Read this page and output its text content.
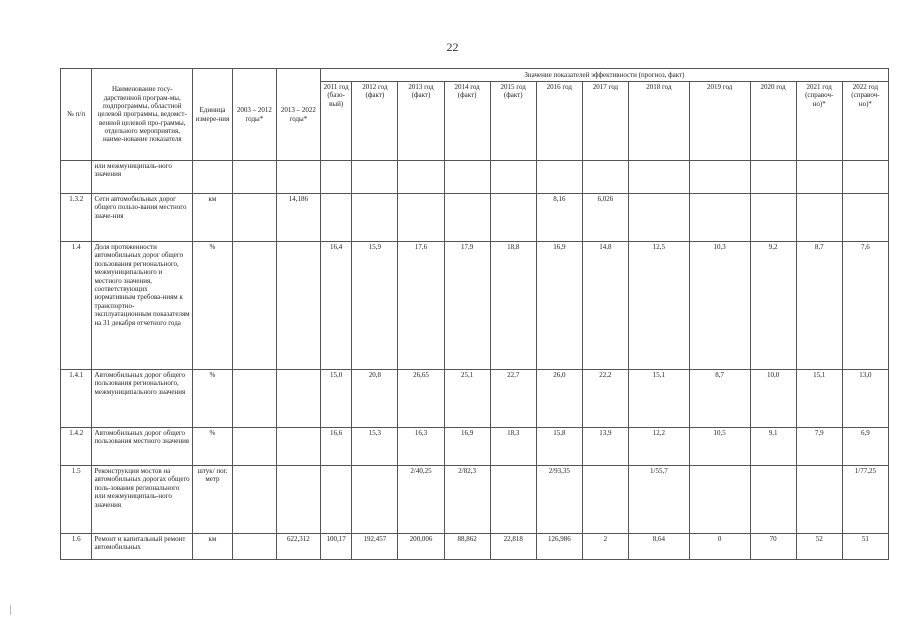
22
№ п/п	Наименование госу-дарственной програм-мы, подпрограммы, областной целевой программы, ведомст-венной целевой про-граммы, отдельного мероприятия, наиме-нование показателя	Единица измере-ния	2003 – 2012 годы*	2013 – 2022 годы*	Значение показателей эффективности (прогноз, факт)											
					2011 год (базо-вый)	2012 год (факт)	2013 год (факт)	2014 год (факт)	2015 год (факт)	2016 год	2017 год	2018 год	2019 год	2020 год	2021 год (справоч-но)*	2022 год (справоч-но)*
	или межмуниципаль-ного значения															
1.3.2	Сети автомобильных дорог общего пользо-вания местного значе-ния	км		14,186						8,16	6,026					
1.4	Доля протяженности автомобильных дорог общего пользования регионального, межмуниципального и местного значения, соответствующих нормативным требова-ниям к транспортно-эксплуатационным показателям на 31 декабря отчетного года	%			16,4	15,9	17,6	17,9	18,8	16,9	14,8	12,5	10,3	9,2	8,7	7,6
1.4.1	Автомобильных дорог общего пользования регионального, межмуниципального значения	%			15,0	20,8	26,65	25,1	22,7	26,0	22,2	15,1	8,7	10,0	15,1	13,0
1.4.2	Автомобильных дорог общего пользования местного значения	%			16,6	15,3	16,3	16,9	18,3	15,8	13,9	12,2	10,5	9,1	7,9	6,9
1.5	Реконструкция мостов на автомобильных дорогах общего поль-зования регионального или межмуниципаль-ного значения	штук/ пог. метр					2/40,25	2/82,3		2/93,35		1/55,7				1/77,25
1.6	Ремонт и капитальный ремонт автомобильных	км		622,312	100,17	192,457	200,006	88,862	22,818	126,986	2	8,64	0	70	52	51
